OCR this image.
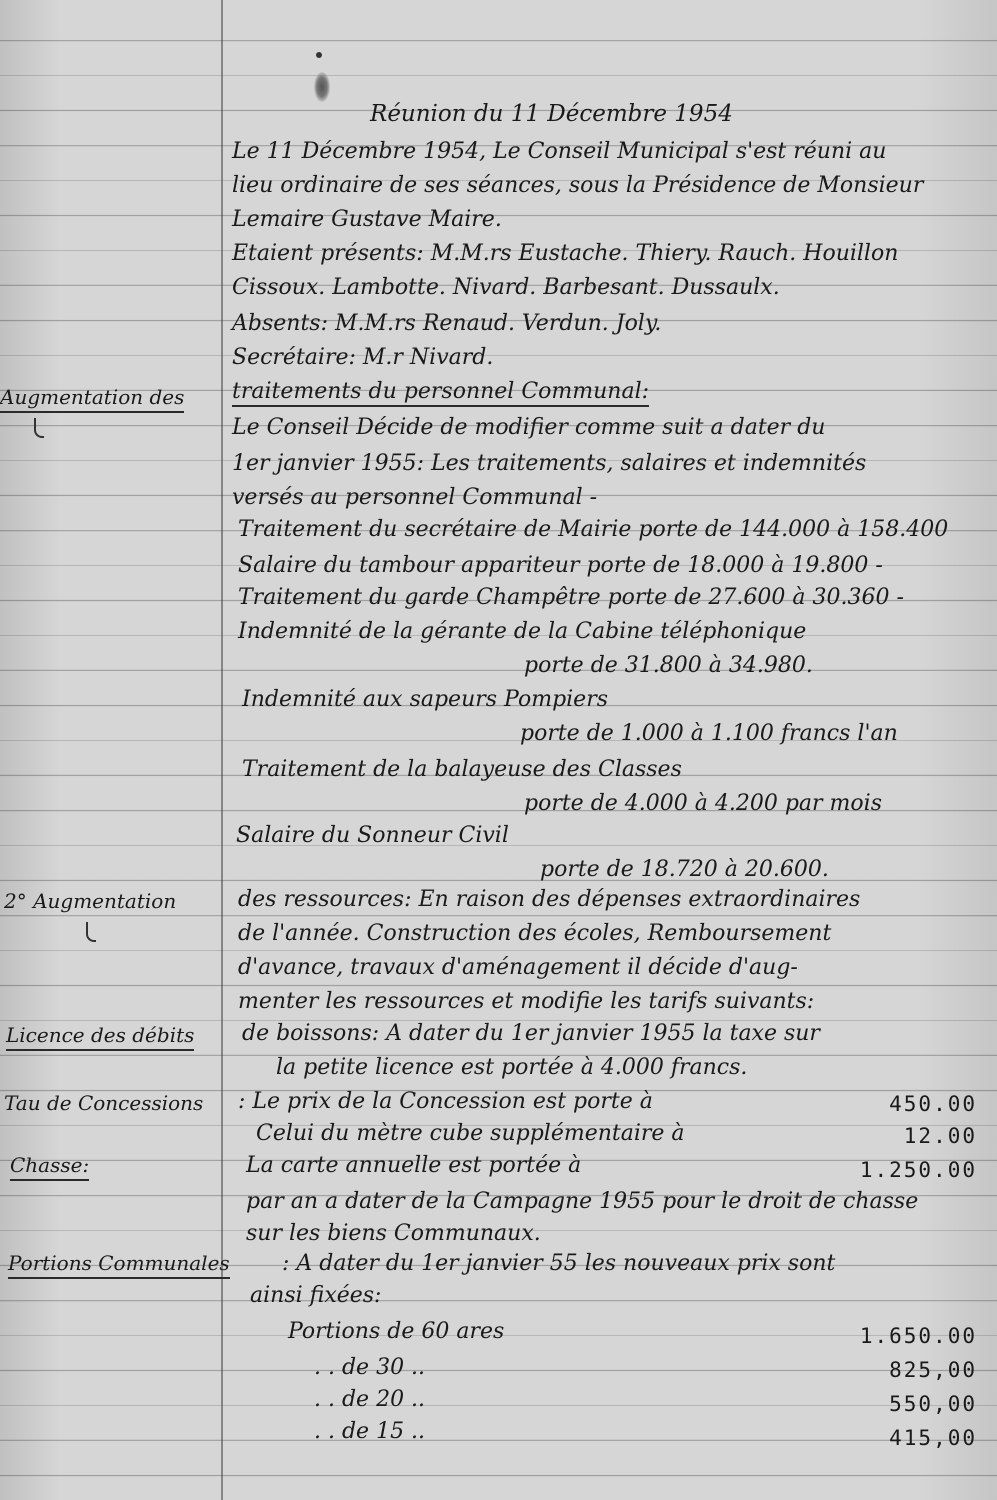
Réunion du 11 Décembre 1954
Le 11 Décembre 1954, Le Conseil Municipal s'est réuni au
lieu ordinaire de ses séances, sous la Présidence de Monsieur
Lemaire Gustave Maire.
Etaient présents: M.M.rs Eustache. Thiery. Rauch. Houillon
Cissoux. Lambotte. Nivard. Barbesant. Dussaulx.
Absents: M.M.rs Renaud. Verdun. Joly.
Secrétaire: M.r Nivard.
Augmentation des traitements du personnel Communal:
Le Conseil Décide de modifier comme suit a dater du
1er janvier 1955: Les traitements, salaires et indemnités
versés au personnel Communal -
Traitement du secrétaire de Mairie porte de 144.000 à 158.400
Salaire du tambour appariteur porte de 18.000 à 19.800 -
Traitement du garde Champêtre porte de 27.600 à 30.360 -
Indemnité de la gérante de la Cabine téléphonique
porte de 31.800 à 34.980.
Indemnité aux sapeurs Pompiers
porte de 1.000 à 1.100 francs l'an
Traitement de la balayeuse des Classes
porte de 4.000 à 4.200 par mois
Salaire du Sonneur Civil
porte de 18.720 à 20.600.
2° Augmentation	des ressources: En raison des dépenses extraordinaires
de l'année. Construction des écoles, Remboursement
d'avance, travaux d'aménagement il décide d'aug-
menter les ressources et modifie les tarifs suivants:
Licence des débits de boissons: A dater du 1er janvier 1955 la taxe sur
la petite licence est portée à 4.000 francs.
Tau de Concessions : Le prix de la Concession est porte à	450.00
Celui du mètre cube supplémentaire à	12.00
Chasse:	La carte annuelle est portée à	1.250.00
par an a dater de la Campagne 1955 pour le droit de chasse
sur les biens Communaux.
Portions Communales : A dater du 1er janvier 55 les nouveaux prix sont
ainsi fixées:
Portions de 60 ares	1.650.00
. . de 30 ..	825,00
. . de 20 ..	550,00
. . de 15 ..	415,00
